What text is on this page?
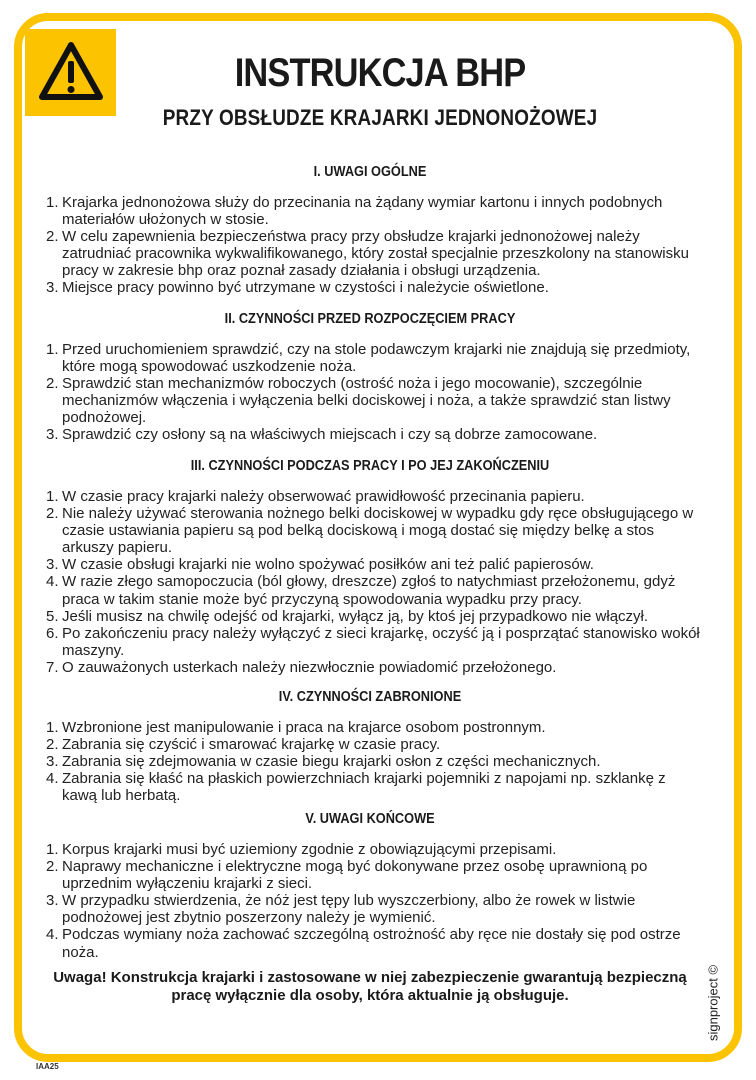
INSTRUKCJA BHP
PRZY OBSŁUDZE KRAJARKI JEDNONOŻOWEJ
I. UWAGI OGÓLNE
1. Krajarka jednonożowa służy do przecinania na żądany wymiar kartonu i innych podobnych materiałów ułożonych w stosie.
2. W celu zapewnienia bezpieczeństwa pracy przy obsłudze krajarki jednonożowej należy zatrudniać pracownika wykwalifikowanego, który został specjalnie przeszkolony na stanowisku pracy w zakresie bhp oraz poznał zasady działania i obsługi urządzenia.
3. Miejsce pracy powinno być utrzymane w czystości i należycie oświetlone.
II. CZYNNOŚCI PRZED ROZPOCZĘCIEM PRACY
1. Przed uruchomieniem sprawdzić, czy na stole podawczym krajarki nie znajdują się przedmioty, które mogą spowodować uszkodzenie noża.
2. Sprawdzić stan mechanizmów roboczych (ostrość noża i jego mocowanie), szczególnie mechanizmów włączenia i wyłączenia belki dociskowej i noża, a także sprawdzić stan listwy podnożowej.
3. Sprawdzić czy osłony są na właściwych miejscach i czy są dobrze zamocowane.
III. CZYNNOŚCI PODCZAS PRACY I PO JEJ ZAKOŃCZENIU
1. W czasie pracy krajarki należy obserwować prawidłowość przecinania papieru.
2. Nie należy używać sterowania nożnego belki dociskowej w wypadku gdy ręce obsługującego w czasie ustawiania papieru są pod belką dociskową i mogą dostać się między belkę a stos arkuszy papieru.
3. W czasie obsługi krajarki nie wolno spożywać posiłków ani też palić papierosów.
4. W razie złego samopoczucia (ból głowy, dreszcze) zgłoś to natychmiast przełożonemu, gdyż praca w takim stanie może być przyczyną spowodowania wypadku przy pracy.
5. Jeśli musisz na chwilę odejść od krajarki, wyłącz ją, by ktoś jej przypadkowo nie włączył.
6. Po zakończeniu pracy należy wyłączyć z sieci krajarkę, oczyść ją i posprzątać stanowisko wokół maszyny.
7. O zauważonych usterkach należy niezwłocznie powiadomić przełożonego.
IV. CZYNNOŚCI ZABRONIONE
1. Wzbronione jest manipulowanie i praca na krajarce osobom postronnym.
2. Zabrania się czyścić i smarować krajarkę w czasie pracy.
3. Zabrania się zdejmowania w czasie biegu krajarki osłon z części mechanicznych.
4. Zabrania się kłaść na płaskich powierzchniach krajarki pojemniki z napojami np. szklankę z kawą lub herbatą.
V. UWAGI KOŃCOWE
1. Korpus krajarki musi być uziemiony zgodnie z obowiązującymi przepisami.
2. Naprawy mechaniczne i elektryczne mogą być dokonywane przez osobę uprawnioną po uprzednim wyłączeniu krajarki z sieci.
3. W przypadku stwierdzenia, że nóż jest tępy lub wyszczerbiony, albo że rowek w listwie podnożowej jest zbytnio poszerzony należy je wymienić.
4. Podczas wymiany noża zachować szczególną ostrożność aby ręce nie dostały się pod ostrze noża.

Uwaga! Konstrukcja krajarki i zastosowane w niej zabezpieczenie gwarantują bezpieczną pracę wyłącznie dla osoby, która aktualnie ją obsługuje.

IAA25
signproject ©
